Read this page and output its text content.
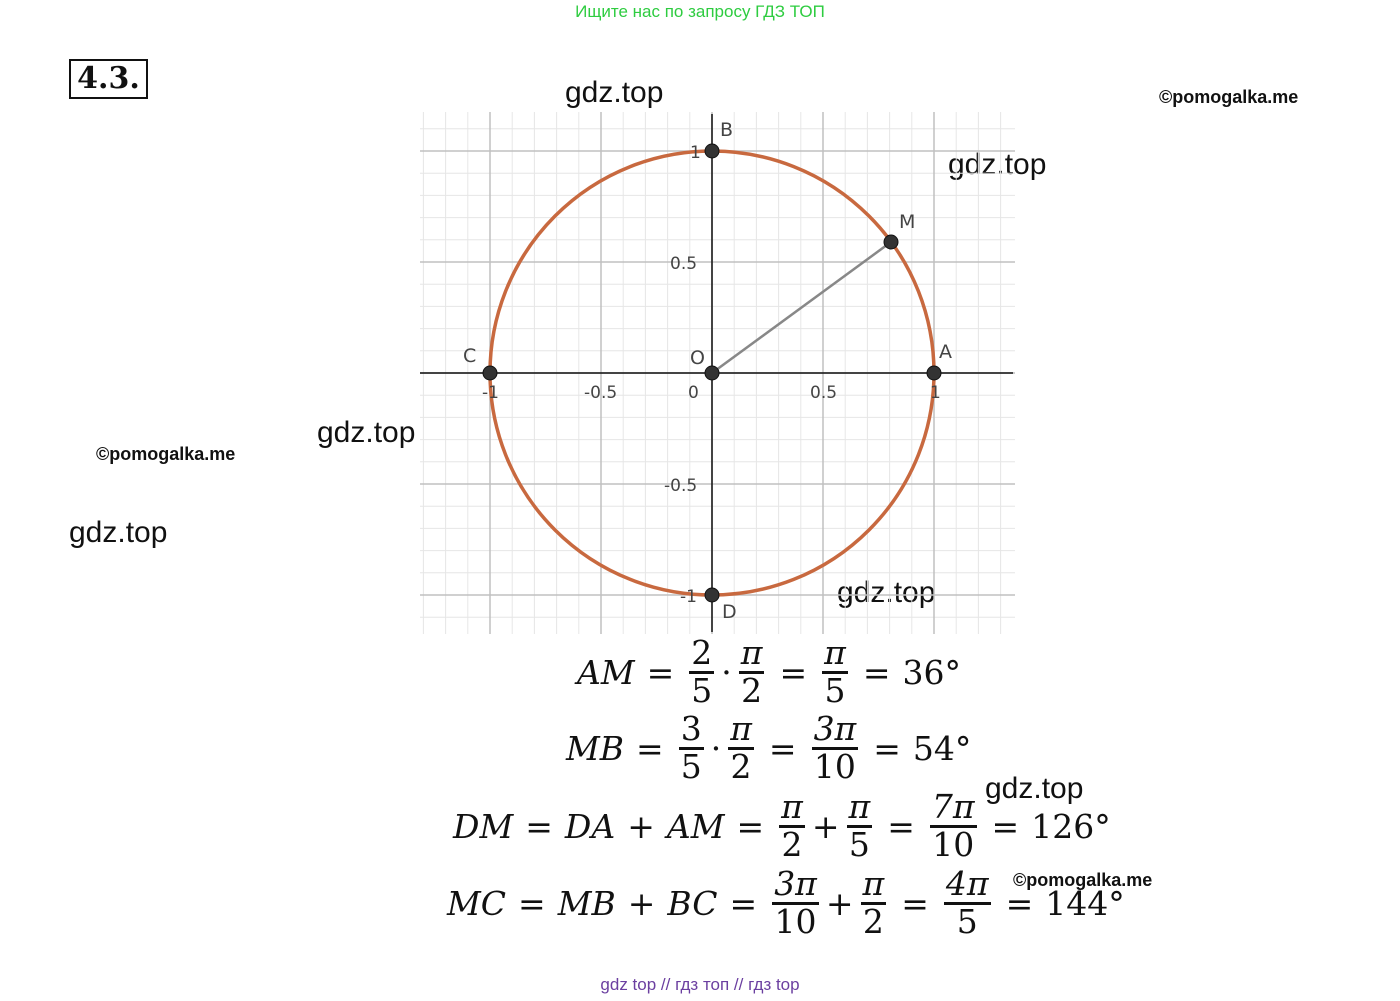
Ищите нас по запросу ГДЗ ТОП
4.3.	gdz.top
gdz.top
gdz.top
gdz.top
gdz.top
gdz.top
©pomogalka.me
©pomogalka.me
©pomogalka.me
-1	-0.5	0	0.5	1
1
0.5
-0.5
-1
O	A
B
C
D
M
AM = $\frac{2}{5} \cdot \frac{\pi}{2} = \frac{\pi}{5} = 36^\circ$
MB = $\frac{3}{5} \cdot \frac{\pi}{2} = \frac{3\pi}{10} = 54^\circ$
DM = DA + AM = $\frac{\pi}{2} + \frac{\pi}{5} = \frac{7\pi}{10} = 126^\circ$
MC = MB + BC = $\frac{3\pi}{10} + \frac{\pi}{2} = \frac{4\pi}{5} = 144^\circ$
gdz top // гдз топ // гдз top
